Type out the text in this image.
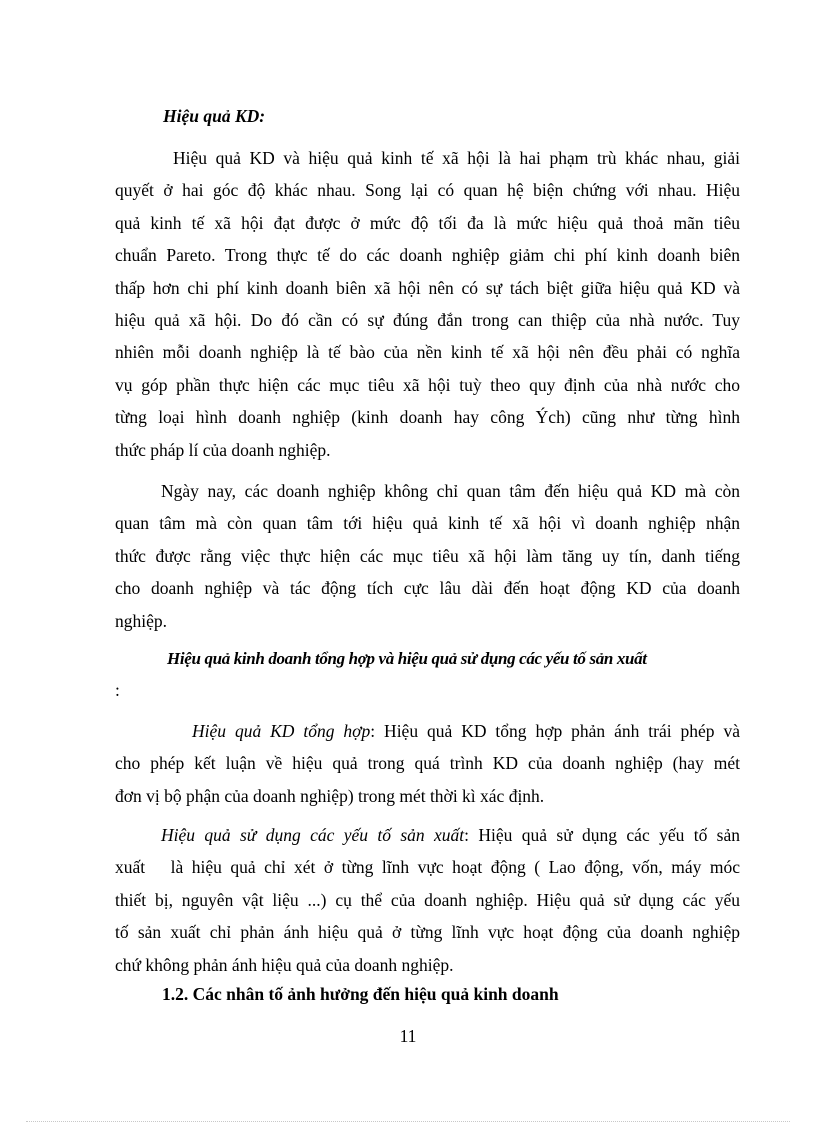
Hiệu quả KD:
Hiệu quả KD và hiệu quả kinh tế xã hội là hai phạm trù khác nhau, giải
quyết ở hai góc độ khác nhau. Song lại có quan hệ biện chứng với nhau. Hiệu
quả kinh tế xã hội đạt được ở mức độ tối đa là mức hiệu quả thoả mãn tiêu
chuẩn Pareto. Trong thực tế do các doanh nghiệp giảm chi phí kinh doanh biên
thấp hơn chi phí kinh doanh biên xã hội nên có sự tách biệt giữa hiệu quả KD và
hiệu quả xã hội. Do đó cần có sự đúng đắn trong can thiệp của nhà nước. Tuy
nhiên mỗi doanh nghiệp là tế bào của nền kinh tế xã hội nên đều phải có nghĩa
vụ góp phần thực hiện các mục tiêu xã hội tuỳ theo quy định của nhà nước cho
từng loại hình doanh nghiệp (kinh doanh hay công Ých) cũng như từng hình
thức pháp lí của doanh nghiệp.
Ngày nay, các doanh nghiệp không chỉ quan tâm đến hiệu quả KD mà còn
quan tâm mà còn quan tâm tới hiệu quả kinh tế xã hội vì doanh nghiệp nhận
thức được rằng việc thực hiện các mục tiêu xã hội làm tăng uy tín, danh tiếng
cho doanh nghiệp và tác động tích cực lâu dài đến hoạt động KD của doanh
nghiệp.
Hiệu quả kinh doanh tổng hợp và hiệu quả sử dụng các yếu tố sản xuất
:
Hiệu quả KD tổng hợp: Hiệu quả KD tổng hợp phản ánh trái phép và
cho phép kết luận về hiệu quả trong quá trình KD của doanh nghiệp (hay mét
đơn vị bộ phận của doanh nghiệp) trong mét thời kì xác định.
Hiệu quả sử dụng các yếu tố sản xuất: Hiệu quả sử dụng các yếu tố sản
xuất   là hiệu quả chỉ xét ở từng lĩnh vực hoạt động ( Lao động, vốn, máy móc
thiết bị, nguyên vật liệu ...) cụ thể của doanh nghiệp. Hiệu quả sử dụng các yếu
tố sản xuất chỉ phản ánh hiệu quả ở từng lĩnh vực hoạt động của doanh nghiệp
chứ không phản ánh hiệu quả của doanh nghiệp.
1.2. Các nhân tố ảnh hưởng đến hiệu quả kinh doanh
11
